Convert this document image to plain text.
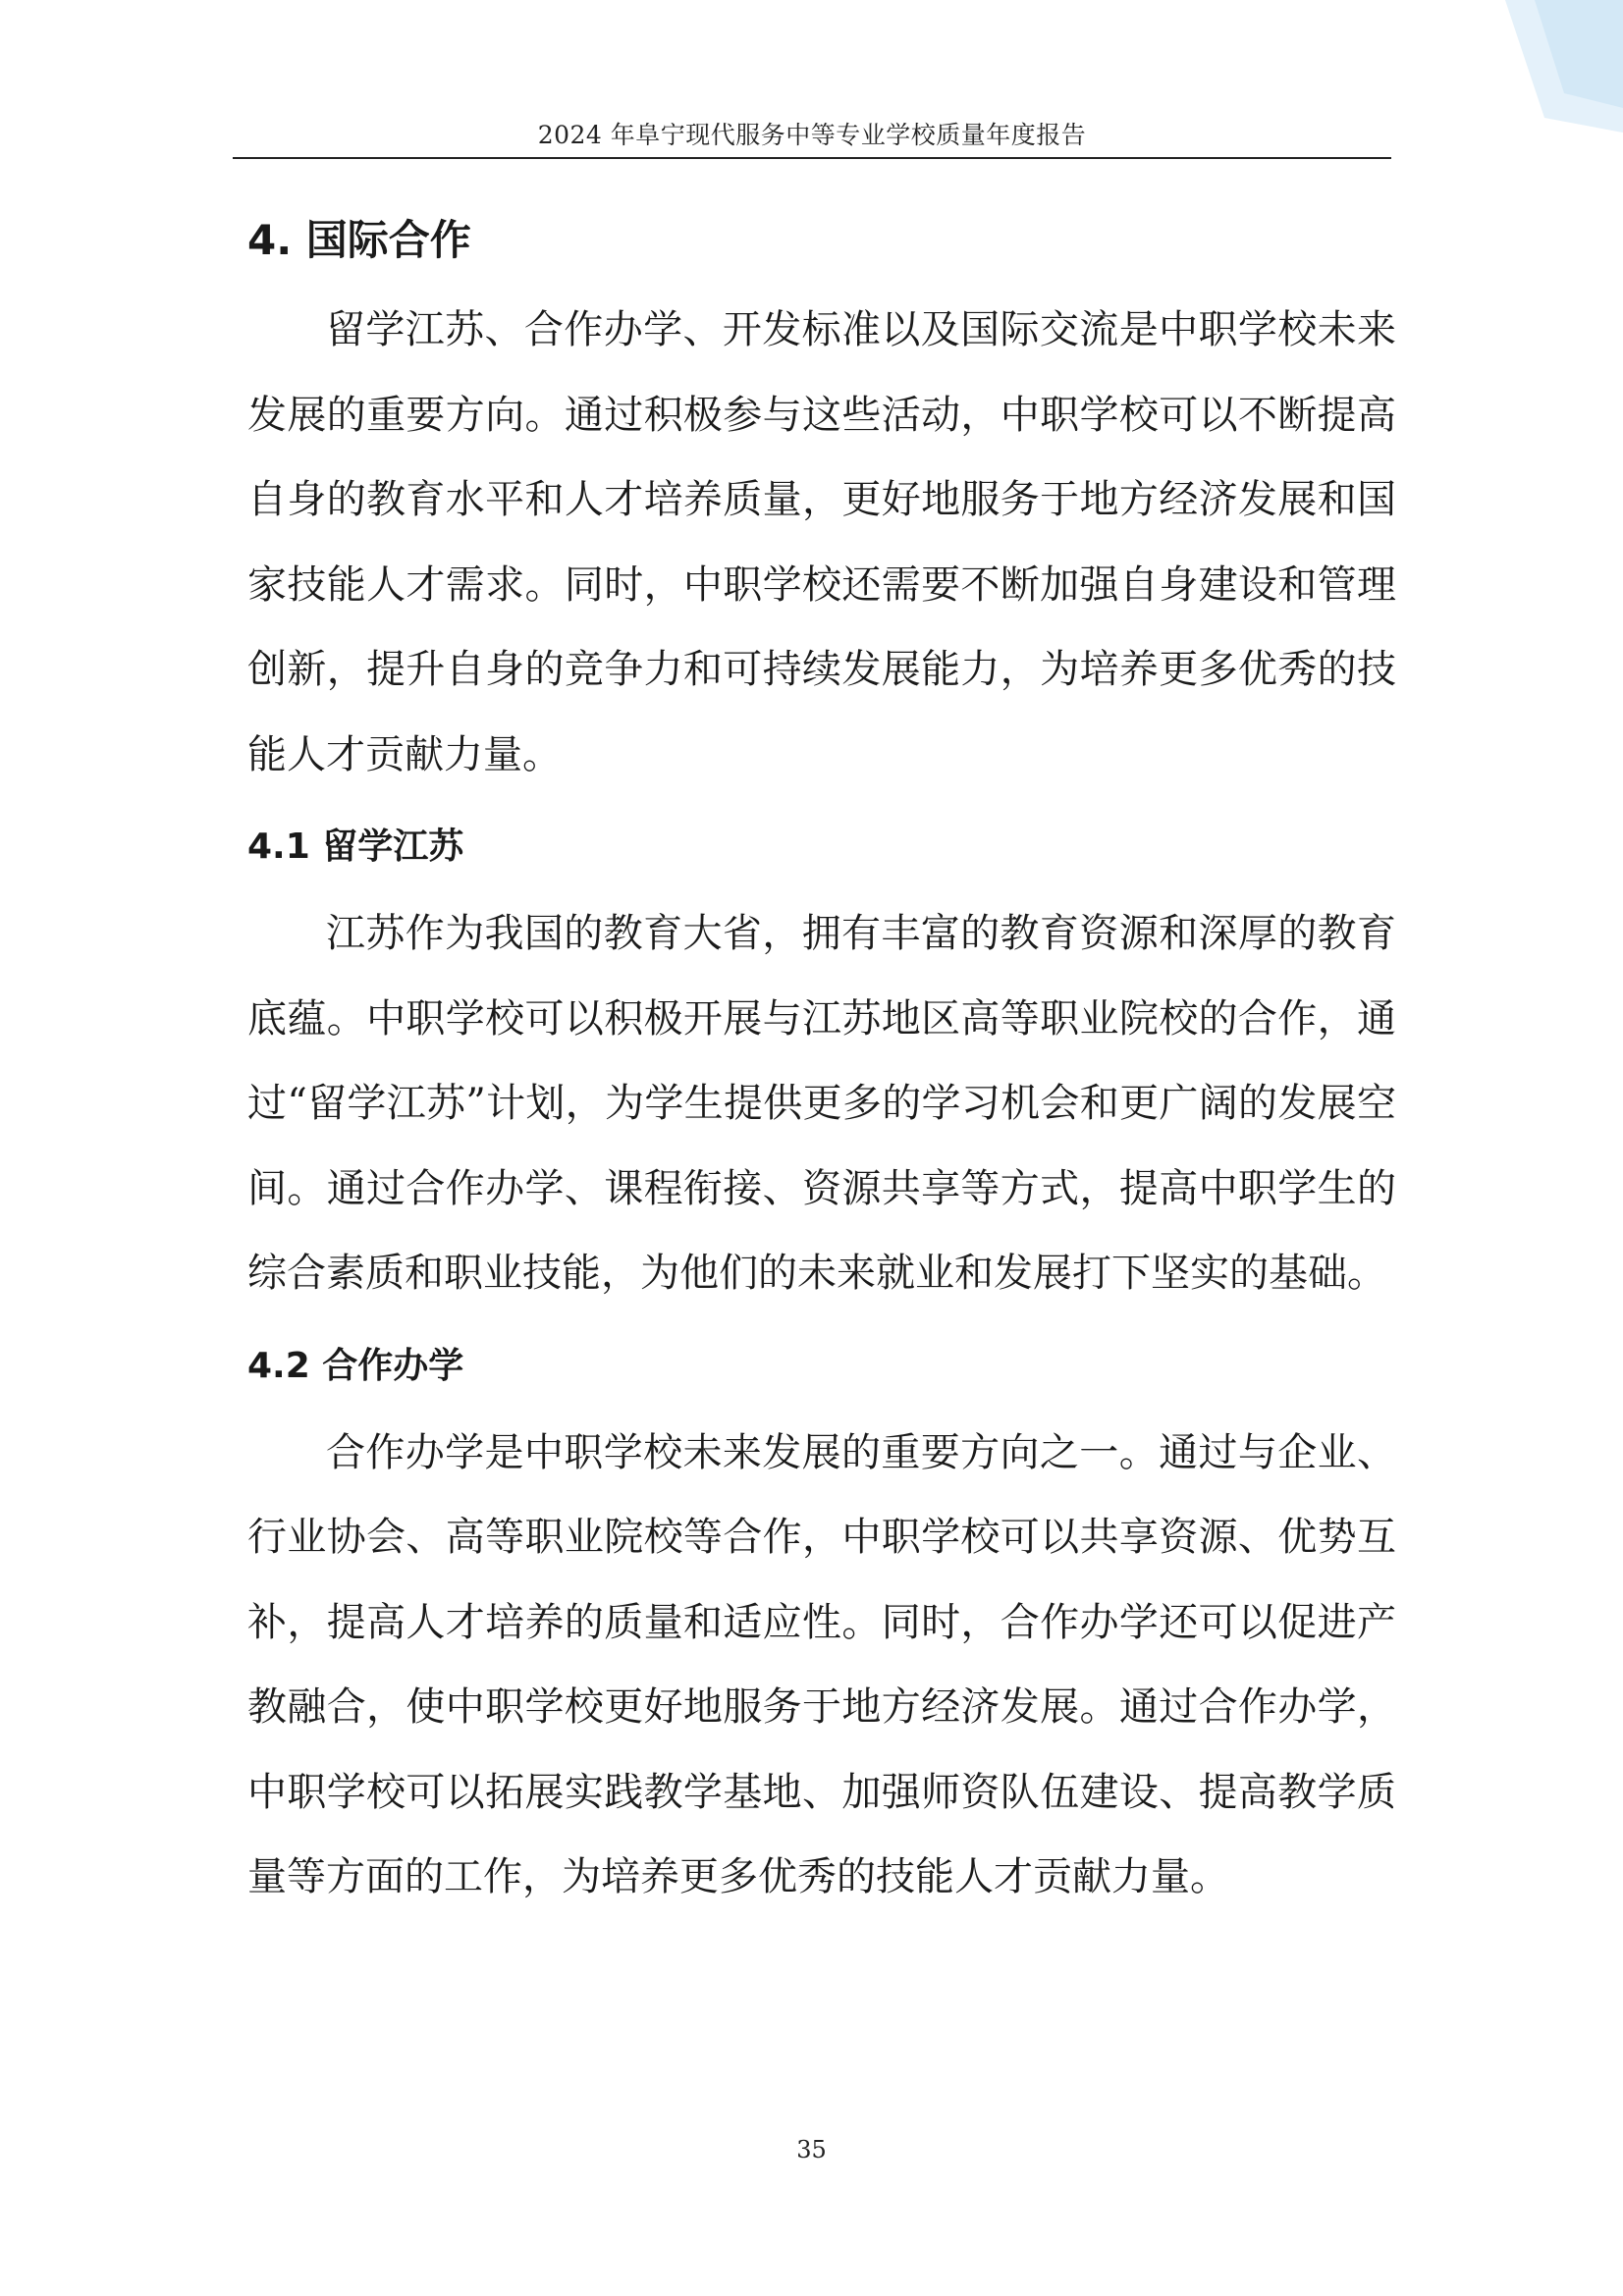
2024 年阜宁现代服务中等专业学校质量年度报告
4. 国际合作

留学江苏、合作办学、开发标准以及国际交流是中职学校未来发展的重要方向。通过积极参与这些活动，中职学校可以不断提高自身的教育水平和人才培养质量，更好地服务于地方经济发展和国家技能人才需求。同时，中职学校还需要不断加强自身建设和管理创新，提升自身的竞争力和可持续发展能力，为培养更多优秀的技能人才贡献力量。

4.1 留学江苏

江苏作为我国的教育大省，拥有丰富的教育资源和深厚的教育底蕴。中职学校可以积极开展与江苏地区高等职业院校的合作，通过“留学江苏”计划，为学生提供更多的学习机会和更广阔的发展空间。通过合作办学、课程衔接、资源共享等方式，提高中职学生的综合素质和职业技能，为他们的未来就业和发展打下坚实的基础。

4.2 合作办学

合作办学是中职学校未来发展的重要方向之一。通过与企业、行业协会、高等职业院校等合作，中职学校可以共享资源、优势互补，提高人才培养的质量和适应性。同时，合作办学还可以促进产教融合，使中职学校更好地服务于地方经济发展。通过合作办学，中职学校可以拓展实践教学基地、加强师资队伍建设、提高教学质量等方面的工作，为培养更多优秀的技能人才贡献力量。

35
